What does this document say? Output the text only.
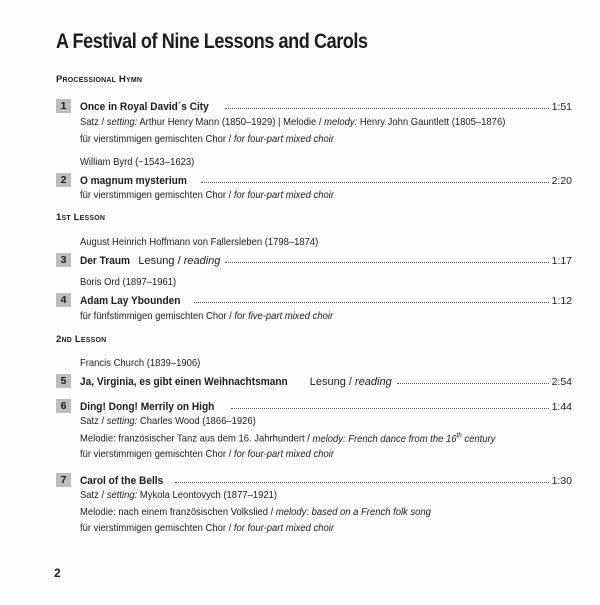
A Festival of Nine Lessons and Carols
Processional Hymn
1	Once in Royal David´s City	1:51
Satz / setting: Arthur Henry Mann (1850–1929) | Melodie / melody: Henry John Gauntlett (1805–1876)
für vierstimmigen gemischten Chor / for four-part mixed choir
William Byrd (~1543–1623)
2	O magnum mysterium	2:20
für vierstimmigen gemischten Chor / for four-part mixed choir
1st Lesson
August Heinrich Hoffmann von Fallersleben (1798–1874)
3	Der Traum Lesung / reading	1:17
Boris Ord (1897–1961)
4	Adam Lay Ybounden	1:12
für fünfstimmigen gemischten Chor / for five-part mixed choir
2nd Lesson
Francis Church (1839–1906)
5	Ja, Virginia, es gibt einen Weihnachtsmann Lesung / reading	2:54
6	Ding! Dong! Merrily on High	1:44
Satz / setting: Charles Wood (1866–1926)
Melodie: französischer Tanz aus dem 16. Jahrhundert / melody: French dance from the 16th century
für vierstimmigen gemischten Chor / for four-part mixed choir
7	Carol of the Bells	1:30
Satz / setting: Mykola Leontovych (1877–1921)
Melodie: nach einem französischen Volkslied / melody: based on a French folk song
für vierstimmigen gemischten Chor / for four-part mixed choir
2
